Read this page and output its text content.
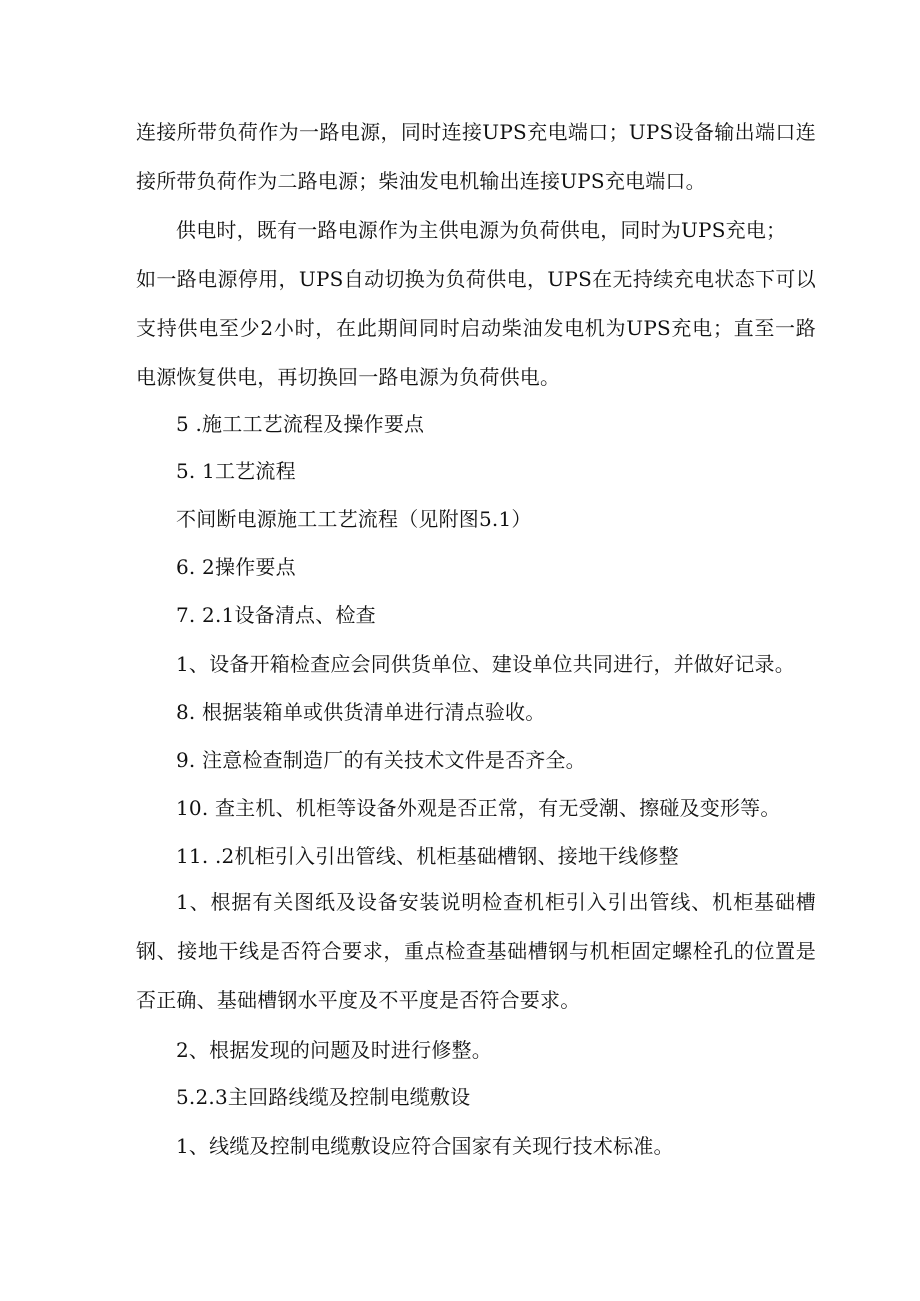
连接所带负荷作为一路电源，同时连接UPS充电端口；UPS设备输出端口连
接所带负荷作为二路电源；柴油发电机输出连接UPS充电端口。
供电时，既有一路电源作为主供电源为负荷供电，同时为UPS充电；
如一路电源停用，UPS自动切换为负荷供电，UPS在无持续充电状态下可以
支持供电至少2小时，在此期间同时启动柴油发电机为UPS充电；直至一路
电源恢复供电，再切换回一路电源为负荷供电。
5 .施工工艺流程及操作要点
5. 1工艺流程
不间断电源施工工艺流程（见附图5.1）
6. 2操作要点
7. 2.1设备清点、检查
1、设备开箱检查应会同供货单位、建设单位共同进行，并做好记录。
8. 根据装箱单或供货清单进行清点验收。
9. 注意检查制造厂的有关技术文件是否齐全。
10. 查主机、机柜等设备外观是否正常，有无受潮、擦碰及变形等。
11. .2机柜引入引出管线、机柜基础槽钢、接地干线修整
1、根据有关图纸及设备安装说明检查机柜引入引出管线、机柜基础槽
钢、接地干线是否符合要求，重点检查基础槽钢与机柜固定螺栓孔的位置是
否正确、基础槽钢水平度及不平度是否符合要求。
2、根据发现的问题及时进行修整。
5.2.3主回路线缆及控制电缆敷设
1、线缆及控制电缆敷设应符合国家有关现行技术标准。
